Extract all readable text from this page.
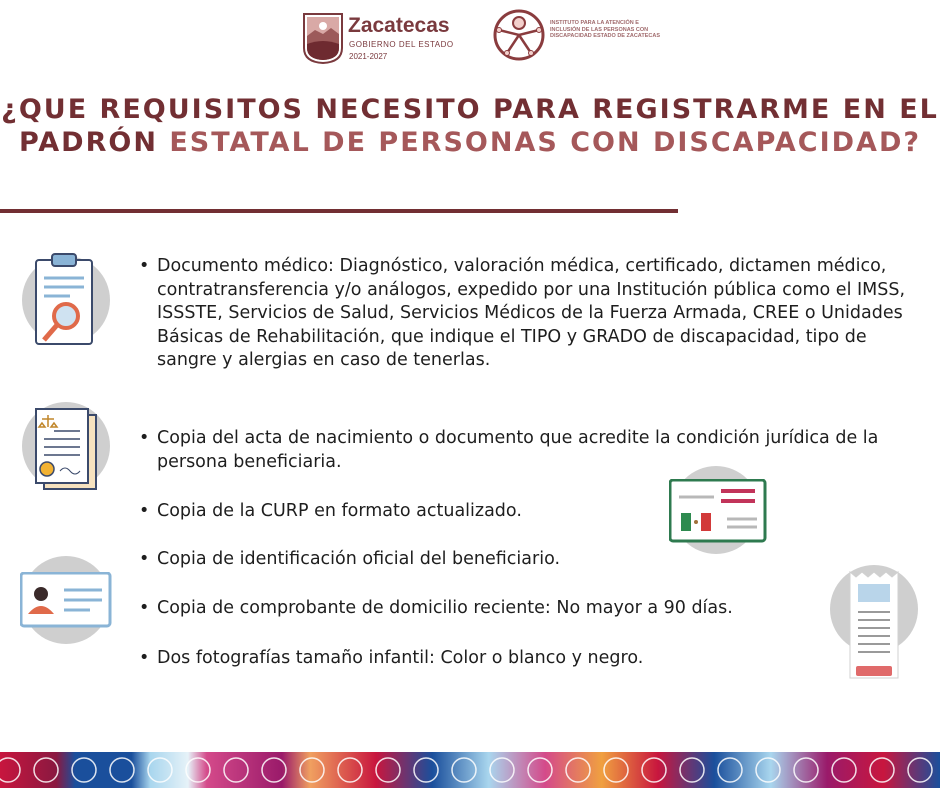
Zacatecas
GOBIERNO DEL ESTADO
2021-2027
INSTITUTO PARA LA ATENCIÓN E INCLUSIÓN DE LAS PERSONAS CON DISCAPACIDAD ESTADO DE ZACATECAS
¿QUE REQUISITOS NECESITO PARA REGISTRARME EN EL PADRÓN ESTATAL DE PERSONAS CON DISCAPACIDAD?
• Documento médico: Diagnóstico, valoración médica, certificado, dictamen médico, contratransferencia y/o análogos, expedido por una Institución pública como el IMSS, ISSSTE, Servicios de Salud, Servicios Médicos de la Fuerza Armada, CREE o Unidades Básicas de Rehabilitación, que indique el TIPO y GRADO de discapacidad, tipo de sangre y alergias en caso de tenerlas.
• Copia del acta de nacimiento o documento que acredite la condición jurídica de la persona beneficiaria.
• Copia de la CURP en formato actualizado.
• Copia de identificación oficial del beneficiario.
• Copia de comprobante de domicilio reciente: No mayor a 90 días.
• Dos fotografías tamaño infantil: Color o blanco y negro.
